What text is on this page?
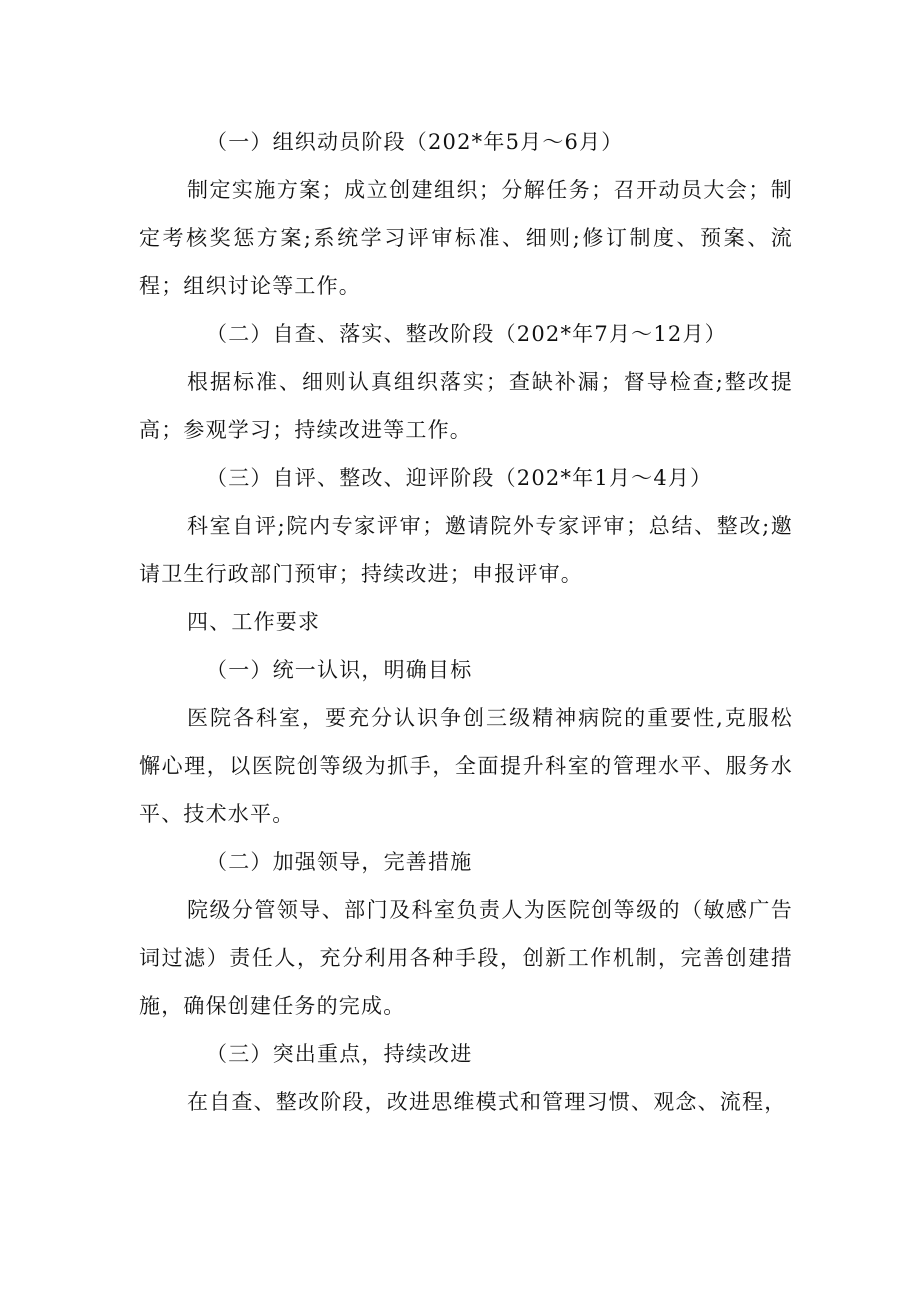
（一）组织动员阶段（202*年5月～6月）

制定实施方案；成立创建组织；分解任务；召开动员大会；制定考核奖惩方案;系统学习评审标准、细则;修订制度、预案、流程；组织讨论等工作。

（二）自查、落实、整改阶段（202*年7月～12月）

根据标准、细则认真组织落实；查缺补漏；督导检查;整改提高；参观学习；持续改进等工作。

（三）自评、整改、迎评阶段（202*年1月～4月）

科室自评;院内专家评审；邀请院外专家评审；总结、整改;邀请卫生行政部门预审；持续改进；申报评审。

四、工作要求

（一）统一认识，明确目标

医院各科室，要充分认识争创三级精神病院的重要性,克服松懈心理，以医院创等级为抓手，全面提升科室的管理水平、服务水平、技术水平。

（二）加强领导，完善措施

院级分管领导、部门及科室负责人为医院创等级的（敏感广告词过滤）责任人，充分利用各种手段，创新工作机制，完善创建措施，确保创建任务的完成。

（三）突出重点，持续改进

在自查、整改阶段，改进思维模式和管理习惯、观念、流程，
